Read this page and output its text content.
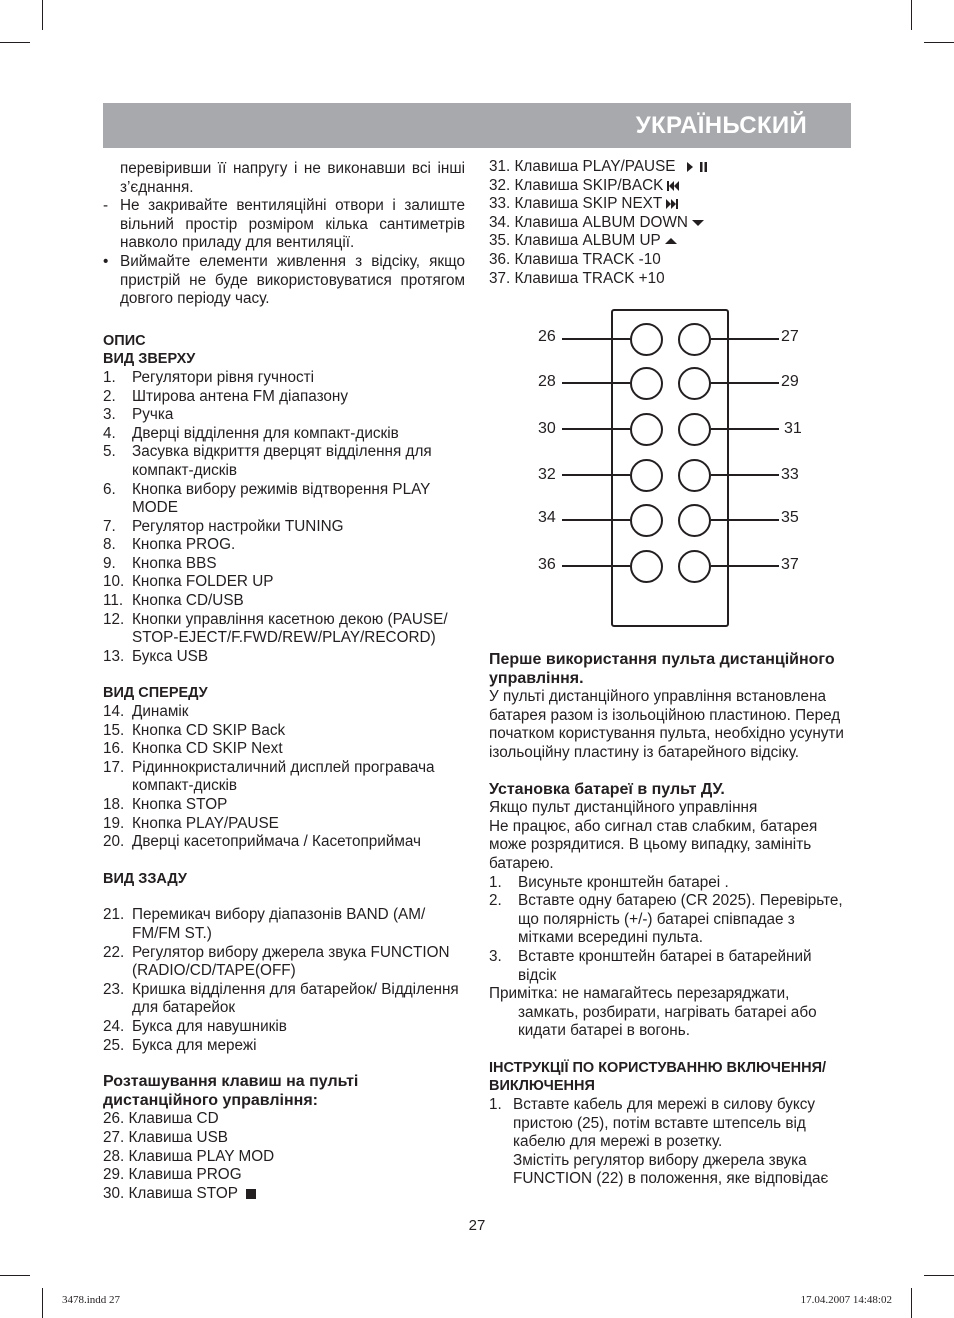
УКРАЇНЬСКИЙ

перевіривши її напругу і не виконавши всі інші з’єднання.

- Не закривайте вентиляційні отвори і залиште вільний простір розміром кілька сантиметрів навколо приладу для вентиляції.
• Виймайте елементи живлення з відсіку, якщо пристрій не буде використовуватися протягом довгого періоду часу.

ОПИС

ВИД ЗВЕРХУ

1.	Регулятори рівня гучності
2.	Штирова антена FM діапазону
3.	Ручка
4.	Дверці відділення для компакт-дисків
5.	Засувка відкриття дверцят відділення для компакт-дисків
6.	Кнопка вибору режимів відтворення PLAY MODE
7.	Регулятор настройки TUNING
8.	Кнопка PROG.
9.	Кнопка BBS
10. Кнопка FOLDER UP
11. Кнопка CD/USB
12. Кнопки управління касетною декою (PAUSE/ STOP-EJECT/F.FWD/REW/PLAY/RECORD)
13. Букса USB

ВИД СПЕРЕДУ

14. Динамік
15. Кнопка CD SKIP Back
16. Кнопка CD SKIP Next
17. Рідиннокристаличний дисплей програвача компакт-дисків
18. Кнопка STOP
19. Кнопка PLAY/PAUSE
20. Дверці касетоприймача / Касетоприймач

ВИД ЗЗАДУ

21. Перемикач вибору діапазонів BAND (AM/ FM/FM ST.)
22. Регулятор вибору джерела звука FUNCTION (RADIO/CD/TAPE(OFF)
23. Кришка відділення для батарейок/ Відділення для батарейок
24. Букса для навушників
25. Букса для мережі

Розташування клавиш на пульті дистанційного управління:

26. Клавиша CD

27. Клавиша USB

28. Клавиша PLAY MOD

29. Клавиша PROG

30. Клавиша STOP

31. Клавиша PLAY/PAUSE

32. Клавиша SKIP/BACK

33. Клавиша SKIP NEXT

34. Клавиша ALBUM DOWN

35. Клавиша ALBUM UP

36. Клавиша TRACK -10

37. Клавиша TRACK +10

26	27
28	29
30	31
32	33
34	35
36	37

Перше використання пульта дистанційного управління.

У пульті дистанційного управління встановлена батарея разом із ізольоційною пластиною. Перед початком користування пульта, необхідно усунути ізольоційну пластину із батарейного відсіку.

Установка батареї в пульт ДУ.

Якщо пульт дистанційного управління

Не працює, або сигнал став слабким, батарея може розрядитися. В цьому випадку, замініть батарею.

1.	Висуньте кронштейн батареі .
2.	Вставте одну батарею (CR 2025). Перевірьте, що полярність (+/-) батареі співпадае з мітками всередині пульта.
3.	Вставте кронштейн батареі в батарейний відсік

Примітка: не намагайтесь перезаряджати, замкать, розбирати, нагрівать батареі або кидати батареі в вогонь.

ІНСТРУКЦІЇ ПО КОРИСТУВАННЮ ВКЛЮЧЕННЯ/ВИКЛЮЧЕННЯ

1. Вставте кабель для мережі в силову буксу пристою (25), потім вставте штепсель від кабелю для мережі в розетку.

Змістіть регулятор вибору джерела звука FUNCTION (22) в положення, яке відповідає

27
3478.indd 27	17.04.2007 14:48:02
